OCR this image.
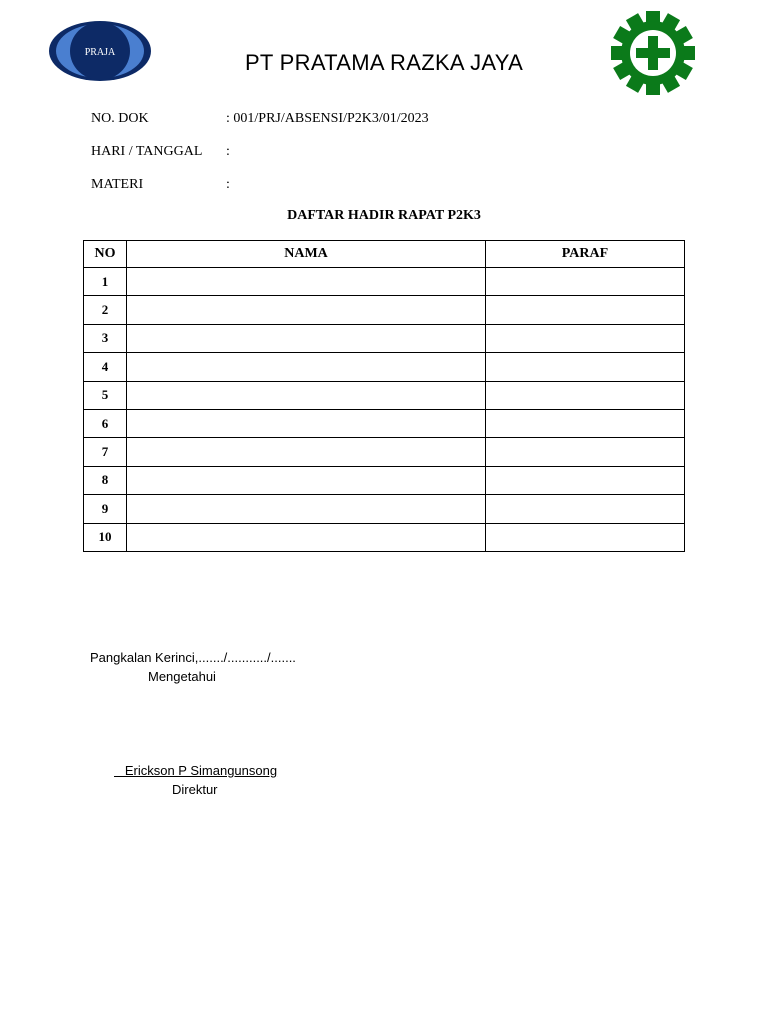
PRAJA	PT PRATAMA RAZKA JAYA
NO. DOK	: 001/PRJ/ABSENSI/P2K3/01/2023
HARI / TANGGAL :
MATERI	:
DAFTAR HADIR RAPAT P2K3
NO	NAMA	PARAF
1		
2		
3		
4		
5		
6		
7		
8		
9		
10		
Pangkalan Kerinci,......./.........../.......
Mengetahui
Erickson P Simangunsong
Direktur
